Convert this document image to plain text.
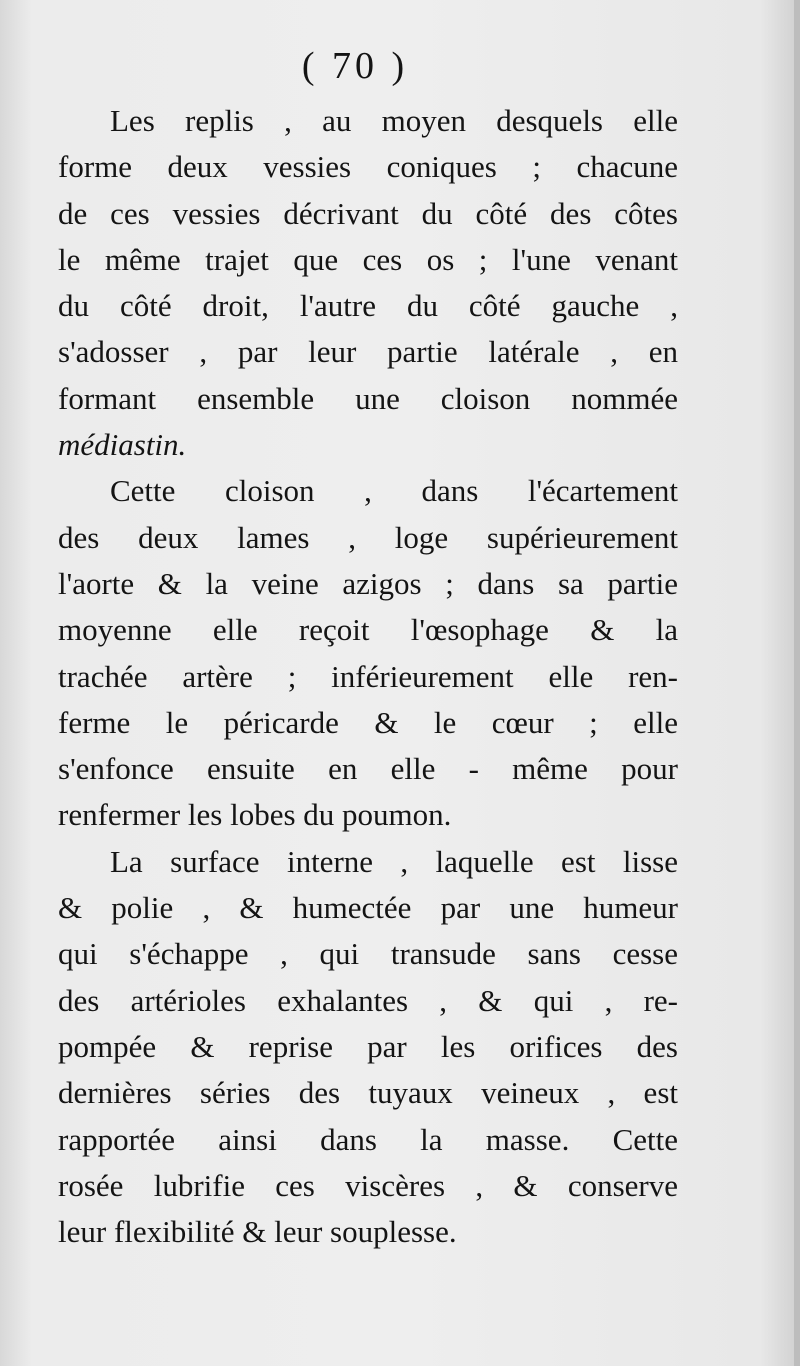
( 70 )

Les replis , au moyen desquels elle
forme deux vessies coniques ; chacune
de ces vessies décrivant du côté des côtes
le même trajet que ces os ; l'une venant
du côté droit, l'autre du côté gauche ,
s'adosser , par leur partie latérale , en
formant ensemble une cloison nommée
médiastin.

Cette cloison , dans l'écartement
des deux lames , loge supérieurement
l'aorte & la veine azigos ; dans sa partie
moyenne elle reçoit l'œsophage & la
trachée artère ; inférieurement elle ren-
ferme le péricarde & le cœur ; elle
s'enfonce ensuite en elle - même pour
renfermer les lobes du poumon.

La surface interne , laquelle est lisse
& polie , & humectée par une humeur
qui s'échappe , qui transude sans cesse
des artérioles exhalantes , & qui , re-
pompée & reprise par les orifices des
dernières séries des tuyaux veineux , est
rapportée ainsi dans la masse. Cette
rosée lubrifie ces viscères , & conserve
leur flexibilité & leur souplesse.
